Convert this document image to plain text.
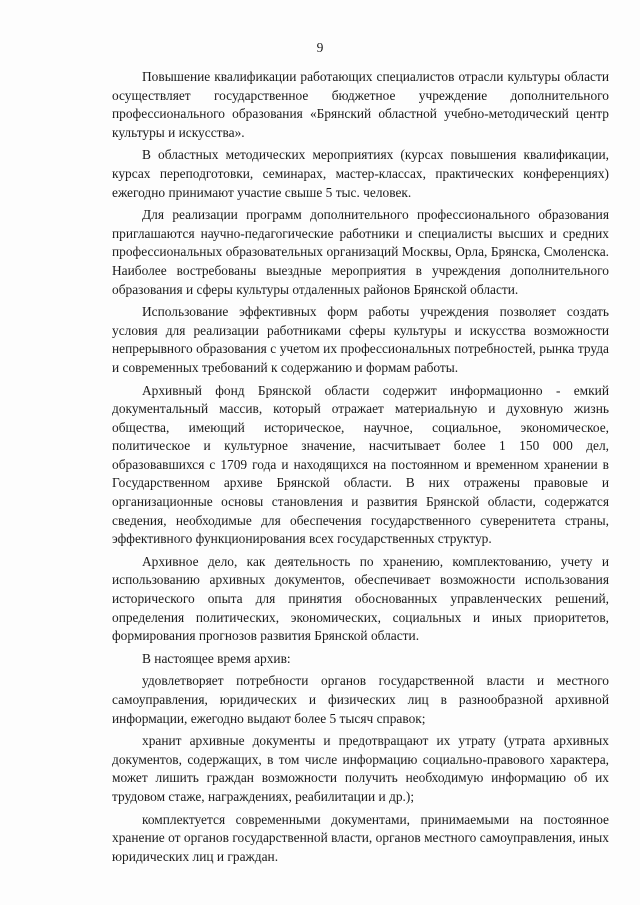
9

Повышение квалификации работающих специалистов отрасли культуры области осуществляет государственное бюджетное учреждение дополнительного профессионального образования «Брянский областной учебно-методический центр культуры и искусства».

В областных методических мероприятиях (курсах повышения квалификации, курсах переподготовки, семинарах, мастер-классах, практических конференциях) ежегодно принимают участие свыше 5 тыс. человек.

Для реализации программ дополнительного профессионального образования приглашаются научно-педагогические работники и специалисты высших и средних профессиональных образовательных организаций Москвы, Орла, Брянска, Смоленска. Наиболее востребованы выездные мероприятия в учреждения дополнительного образования и сферы культуры отдаленных районов Брянской области.

Использование эффективных форм работы учреждения позволяет создать условия для реализации работниками сферы культуры и искусства возможности непрерывного образования с учетом их профессиональных потребностей, рынка труда и современных требований к содержанию и формам работы.

Архивный фонд Брянской области содержит информационно - емкий документальный массив, который отражает материальную и духовную жизнь общества, имеющий историческое, научное, социальное, экономическое, политическое и культурное значение, насчитывает более 1 150 000 дел, образовавшихся с 1709 года и находящихся на постоянном и временном хранении в Государственном архиве Брянской области. В них отражены правовые и организационные основы становления и развития Брянской области, содержатся сведения, необходимые для обеспечения государственного суверенитета страны, эффективного функционирования всех государственных структур.

Архивное дело, как деятельность по хранению, комплектованию, учету и использованию архивных документов, обеспечивает возможности использования исторического опыта для принятия обоснованных управленческих решений, определения политических, экономических, социальных и иных приоритетов, формирования прогнозов развития Брянской области.

В настоящее время архив:

удовлетворяет потребности органов государственной власти и местного самоуправления, юридических и физических лиц в разнообразной архивной информации, ежегодно выдают более 5 тысяч справок;

хранит архивные документы и предотвращают их утрату (утрата архивных документов, содержащих, в том числе информацию социально-правового характера, может лишить граждан возможности получить необходимую информацию об их трудовом стаже, награждениях, реабилитации и др.);

комплектуется современными документами, принимаемыми на постоянное хранение от органов государственной власти, органов местного самоуправления, иных юридических лиц и граждан.
